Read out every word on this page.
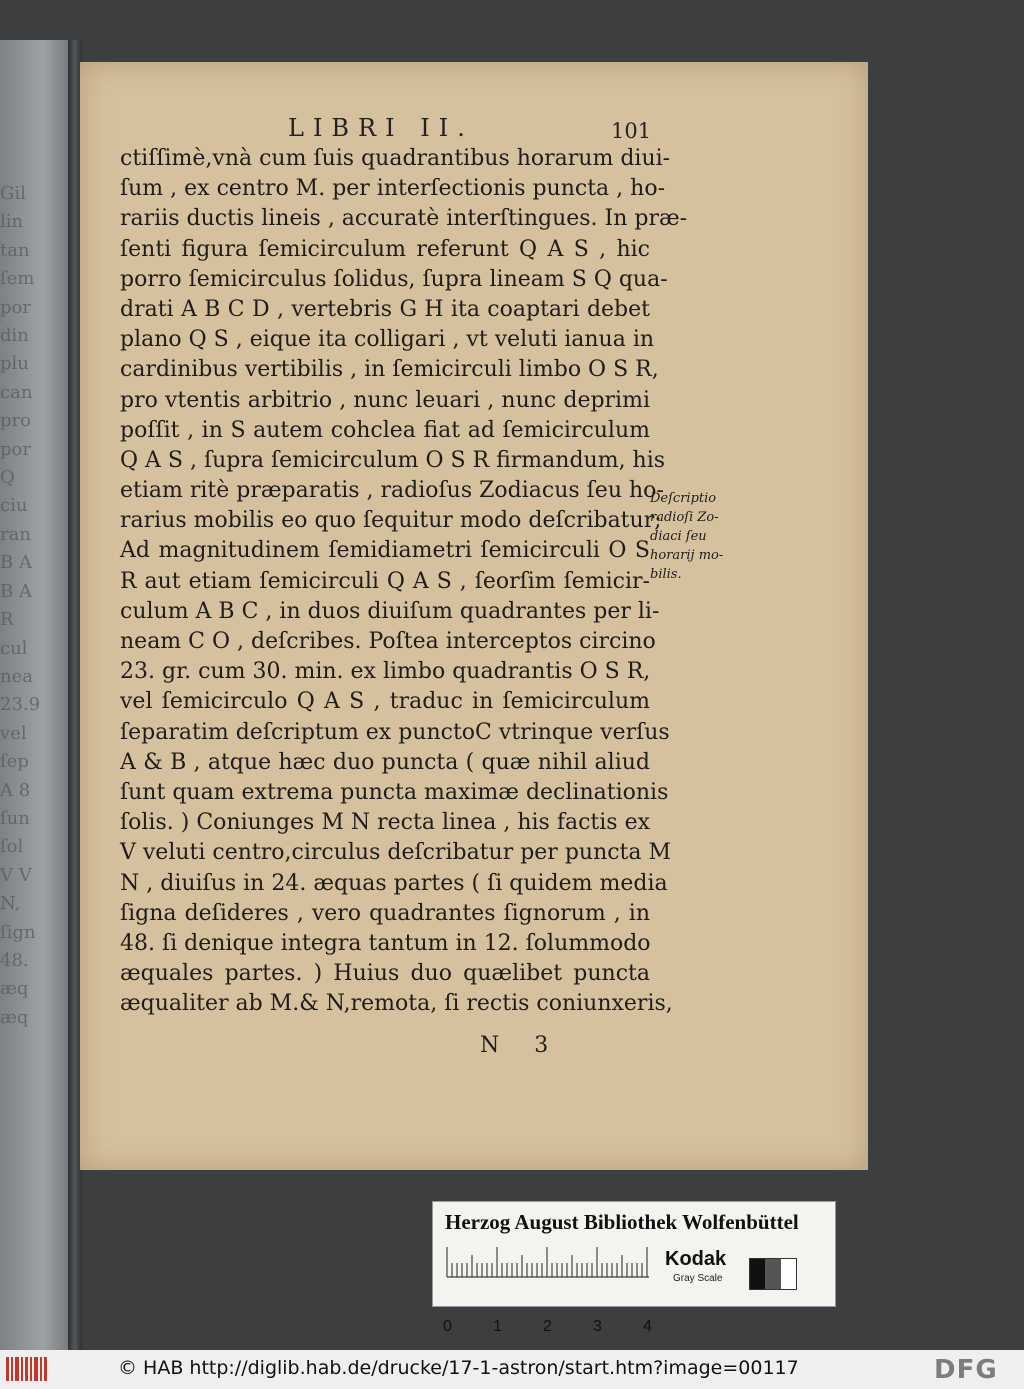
Gil
lin
tan
ſem
por
din
plu
can
pro
por
Q
ciu
ran
B A
B A
R
cul
nea
23.9
vel
ſep
A 8
ſun
ſol
V V
N,
ſign
48.
æq
æq
LIBRI II.	101
ctiſſimè,vnà cum ſuis quadrantibus horarum diui-
ſum , ex centro M. per interſectionis puncta , ho-
rariis ductis lineis , accuratè interſtingues. In præ-
ſenti figura ſemicirculum referunt Q A S , hic
porro ſemicirculus ſolidus, ſupra lineam S Q qua-
drati A B C D , vertebris G H ita coaptari debet
plano Q S , eique ita colligari , vt veluti ianua in
cardinibus vertibilis , in ſemicirculi limbo O S R,
pro vtentis arbitrio , nunc leuari , nunc deprimi
poſſit , in S autem cohclea fiat ad ſemicirculum
Q A S , ſupra ſemicirculum O S R firmandum, his
etiam ritè præparatis , radioſus Zodiacus ſeu ho-
rarius mobilis eo quo ſequitur modo deſcribatur;
Ad magnitudinem ſemidiametri ſemicirculi O S
R aut etiam ſemicirculi Q A S , ſeorſim ſemicir-
culum A B C , in duos diuiſum quadrantes per li-
neam C O , deſcribes. Poſtea interceptos circino
23. gr. cum 30. min. ex limbo quadrantis O S R,
vel ſemicirculo Q A S , traduc in ſemicirculum
ſeparatim deſcriptum ex punctoC vtrinque verſus
A & B , atque hæc duo puncta ( quæ nihil aliud
ſunt quam extrema puncta maximæ declinationis
ſolis. ) Coniunges M N recta linea , his factis ex
V veluti centro,circulus deſcribatur per puncta M
N , diuiſus in 24. æquas partes ( ſi quidem media
ſigna deſideres , vero quadrantes ſignorum , in
48. ſi denique integra tantum in 12. ſolummodo
æquales partes. ) Huius duo quælibet puncta
æqualiter ab M.& N,remota, ſi rectis coniunxeris,
Deſcriptio
radioſi Zo-
diaci ſeu
horarij mo-
bilis.
N 3
Herzog August Bibliothek Wolfenbüttel
0	1	2	3	4
Kodak
Gray Scale
© HAB http://diglib.hab.de/drucke/17-1-astron/start.htm?image=00117	DFG
